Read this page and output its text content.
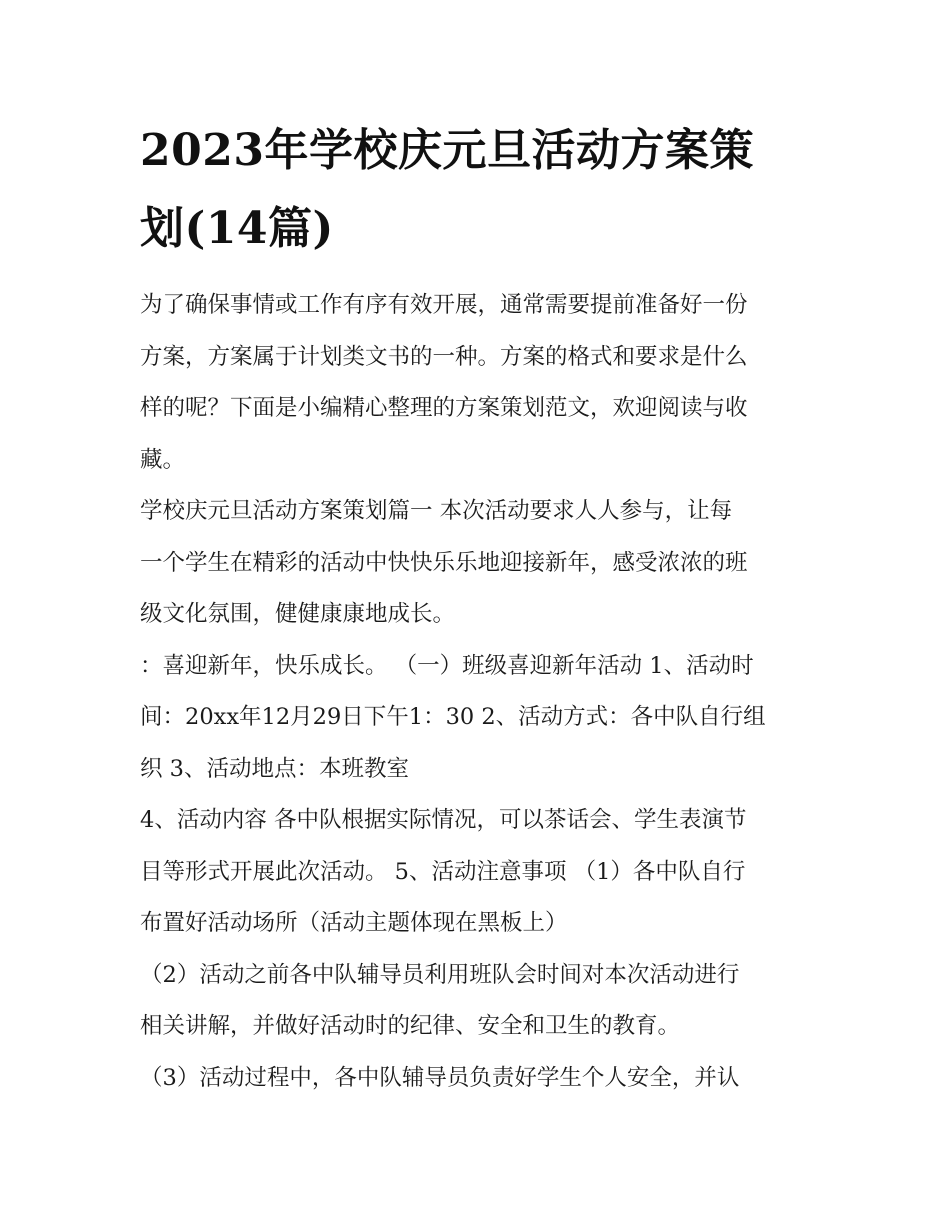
2023年学校庆元旦活动方案策
划(14篇)

为了确保事情或工作有序有效开展，通常需要提前准备好一份
方案，方案属于计划类文书的一种。方案的格式和要求是什么
样的呢？下面是小编精心整理的方案策划范文，欢迎阅读与收
藏。

学校庆元旦活动方案策划篇一 本次活动要求人人参与，让每
一个学生在精彩的活动中快快乐乐地迎接新年，感受浓浓的班
级文化氛围，健健康康地成长。

：喜迎新年，快乐成长。 （一）班级喜迎新年活动 1、活动时
间：20xx年12月29日下午1：30 2、活动方式：各中队自行组
织 3、活动地点：本班教室

4、活动内容 各中队根据实际情况，可以茶话会、学生表演节
目等形式开展此次活动。 5、活动注意事项 （1）各中队自行
布置好活动场所（活动主题体现在黑板上）

（2）活动之前各中队辅导员利用班队会时间对本次活动进行
相关讲解，并做好活动时的纪律、安全和卫生的教育。

（3）活动过程中，各中队辅导员负责好学生个人安全，并认
